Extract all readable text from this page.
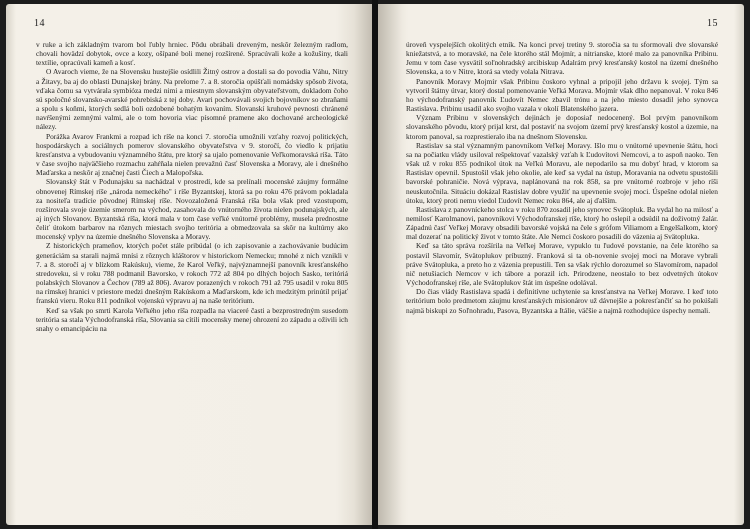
14

v ruke a ich základným tvarom bol ľubly hrniec. Pôdu obrábali dreveným, neskôr železným radlom, chovali hovädzí dobytok, ovce a kozy, ošípané boli menej rozšírené. Spracúvali kože a kožušiny, tkali textílie, opracúvali kameň a kosť.

O Avaroch vieme, že na Slovensku hustejšie osídlili Žitný ostrov a dostali sa do povodia Váhu, Nitry a Žitavy, ba aj do oblasti Dunajskej brány. Na prelome 7. a 8. storočia opúšťali nomádsky spôsob života, vďaka čomu sa vytvárala symbióza medzi nimi a miestnym slovanským obyvateľstvom, dokladom čoho sú spoločné slovansko-avarské pohrebiská z tej doby. Avari pochovávali svojich bojovníkov so zbraňami a spolu s koňmi, ktorých sedlá boli ozdobené bohatým kovaním. Slovanskí kruhové pevnosti chránené navŕšenými zemnými valmi, ale o tom hovoria viac písomné pramene ako dochované archeologické nálezy.

Porážka Avarov Frankmi a rozpad ich ríše na konci 7. storočia umožnili vzťahy rozvoj politických, hospodárskych a sociálnych pomerov slovanského obyvateľstva v 9. storočí, čo viedlo k prijatiu kresťanstva a vybudovaniu významného štátu, pre ktorý sa ujalo pomenovanie Veľkomoravská ríša. Táto v čase svojho najväčšieho rozmachu zahŕňala nielen prevažnú časť Slovenska a Moravy, ale i dnešného Maďarska a neskôr aj značnej časti Čiech a Malopoľska.

Slovanský štát v Podunajsku sa nachádzal v prostredí, kde sa prelínali mocenské záujmy formálne obnovenej Rímskej ríše „národa nemeckého" i ríše Byzantskej, ktorá sa po roku 476 právom pokladala za nositeľa tradície pôvodnej Rímskej ríše. Novozaložená Franská ríša bola však pred vzostupom, rozširovala svoje územie smerom na východ, zasahovala do vnútorného života nielen podunajských, ale aj iných Slovanov. Byzantská ríša, ktorá mala v tom čase veľké vnútorné problémy, musela prednostne čeliť útokom barbarov na rôznych miestach svojho teritória a obmedzovala sa skôr na kultúrny ako mocenský vplyv na územie dnešného Slovenska a Moravy.

Z historických prameňov, ktorých počet stále pribúdal (o ich zapisovanie a zachovávanie budúcim generáciám sa starali najmä mnísi z rôznych kláštorov v historickom Nemecku; mnohé z nich vznikli v 7. a 8. storočí aj v blízkom Rakúsku), vieme, že Karol Veľký, najvýznamnejší panovník kresťanského stredoveku, si v roku 788 podmanil Bavorsko, v rokoch 772 až 804 po dlhých bojoch Sasko, teritóriá polabských Slovanov a Čechov (789 až 806). Avarov porazených v rokoch 791 až 795 usadil v roku 805 na rímskej hranici v priestore medzi dnešným Rakúskom a Maďarskom, kde ich medzitým prinútil prijať franskú vieru. Roku 811 podnikol vojenskú výpravu aj na naše teritórium.

Keď sa však po smrti Karola Veľkého jeho ríša rozpadla na viaceré časti a bezprostredným susedom teritória sa stala Východofranská ríša, Slovania sa cítili mocensky menej ohrození zo západu a oživili ich snahy o emancipáciu na

15

úroveň vyspelejších okolitých etník. Na konci prvej tretiny 9. storočia sa tu sformovali dve slovanské kniežatstvá, a to moravské, na čele ktorého stál Mojmír, a nitrianske, ktoré malo za panovníka Pribinu. Jemu v tom čase vysvätil soľnohradský arcibiskup Adalrám prvý kresťanský kostol na území dnešného Slovenska, a to v Nitre, ktorá sa vtedy volala Nitrava.

Panovník Moravy Mojmír však Pribinu čoskoro vyhnal a pripojil jeho državu k svojej. Tým sa vytvoril štátny útvar, ktorý dostal pomenovanie Veľká Morava. Mojmír však dlho nepanoval. V roku 846 ho východofranský panovník Ľudovít Nemec zbavil trónu a na jeho miesto dosadil jeho synovca Rastislava. Pribinu usadil ako svojho vazala v okolí Blatenského jazera.

Význam Pribinu v slovenských dejinách je doposiaľ nedocenený. Bol prvým panovníkom slovanského pôvodu, ktorý prijal krst, dal postaviť na svojom území prvý kresťanský kostol a územie, na ktorom panoval, sa rozprestieralo iba na dnešnom Slovensku.

Rastislav sa stal významným panovníkom Veľkej Moravy. Išlo mu o vnútorné upevnenie štátu, hoci sa na počiatku vlády usiloval rešpektovať vazalský vzťah k Ľudovítovi Nemcovi, a to aspoň naoko. Ten však už v roku 855 podnikol útok na Veľkú Moravu, ale nepodarilo sa mu dobyť hrad, v ktorom sa Rastislav opevnil. Spustošil však jeho okolie, ale keď sa vydal na ústup, Moravania na odvetu spustošili bavorské pohraničie. Nová výprava, naplánovaná na rok 858, sa pre vnútorné rozbroje v jeho ríši neuskutočnila. Situáciu dokázal Rastislav dobre využiť na upevnenie svojej moci. Úspešne odolal nielen útoku, ktorý proti nemu viedol Ľudovít Nemec roku 864, ale aj ďalším.

Rastislava z panovníckeho stolca v roku 870 zosadil jeho synovec Svätopluk. Ba vydal ho na milosť a nemilosť Karolmanovi, panovníkovi Východofranskej ríše, ktorý ho oslepil a odsúdil na doživotný žalár. Západnú časť Veľkej Moravy obsadili bavorské vojská na čele s grófom Viliamom a Engelšalkom, ktorý mal dozerať na politický život v tomto štáte. Ale Nemci čoskoro posadili do väzenia aj Svätopluka.

Keď sa táto správa rozšírila na Veľkej Morave, vypuklo tu ľudové povstanie, na čele ktorého sa postavil Slavomír, Svätoplukov príbuzný. Franková si ta ob-novenie svojej moci na Morave vybrali práve Svätopluka, a preto ho z väzenia prepustili. Ten sa však rýchlo dorozumel so Slavomírom, napadol nič netušiacich Nemcov v ich tábore a porazil ich. Prirodzene, neostalo to bez odvetných útokov Východofranskej ríše, ale Svätoplukov štát im úspešne odolával.

Do čias vlády Rastislava spadá i definitívne uchytenie sa kresťanstva na Veľkej Morave. I keď toto teritórium bolo predmetom záujmu kresťanských misionárov už dávnejšie a pokresťančiť sa ho pokúšali najmä biskupi zo Soľnohradu, Pasova, Byzantska a Itálie, väčšie a najmä rozhodujúce úspechy nemali.
